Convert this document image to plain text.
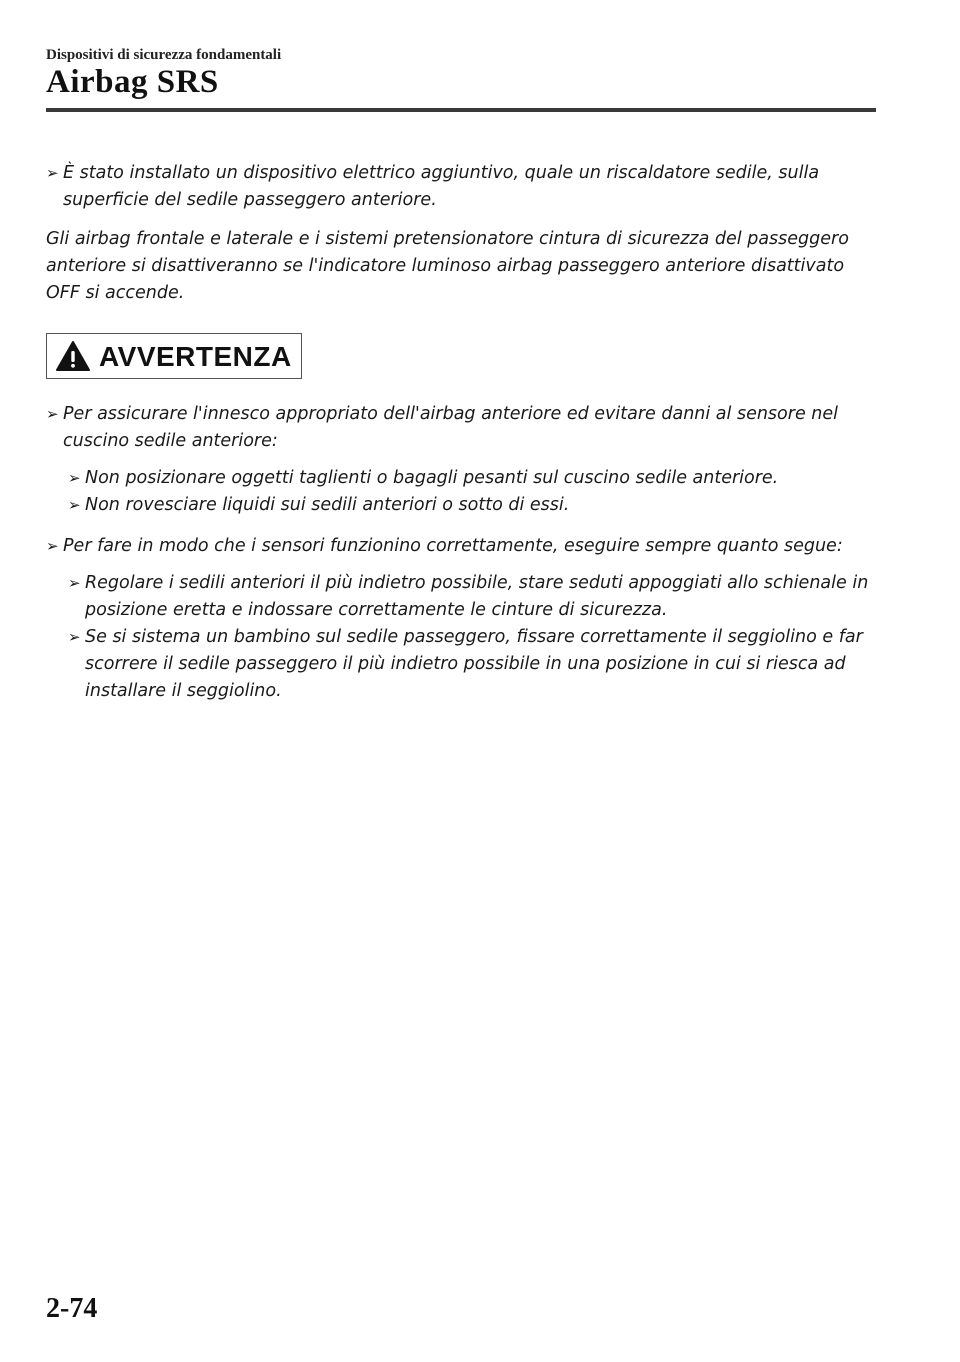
Dispositivi di sicurezza fondamentali
Airbag SRS

➢ È stato installato un dispositivo elettrico aggiuntivo, quale un riscaldatore sedile, sulla superficie del sedile passeggero anteriore.

Gli airbag frontale e laterale e i sistemi pretensionatore cintura di sicurezza del passeggero anteriore si disattiveranno se l'indicatore luminoso airbag passeggero anteriore disattivato OFF si accende.

AVVERTENZA

➢ Per assicurare l'innesco appropriato dell'airbag anteriore ed evitare danni al sensore nel cuscino sedile anteriore:

➢ Non posizionare oggetti taglienti o bagagli pesanti sul cuscino sedile anteriore.

➢ Non rovesciare liquidi sui sedili anteriori o sotto di essi.

➢ Per fare in modo che i sensori funzionino correttamente, eseguire sempre quanto segue:

➢ Regolare i sedili anteriori il più indietro possibile, stare seduti appoggiati allo schienale in posizione eretta e indossare correttamente le cinture di sicurezza.

➢ Se si sistema un bambino sul sedile passeggero, fissare correttamente il seggiolino e far scorrere il sedile passeggero il più indietro possibile in una posizione in cui si riesca ad installare il seggiolino.

2-74
